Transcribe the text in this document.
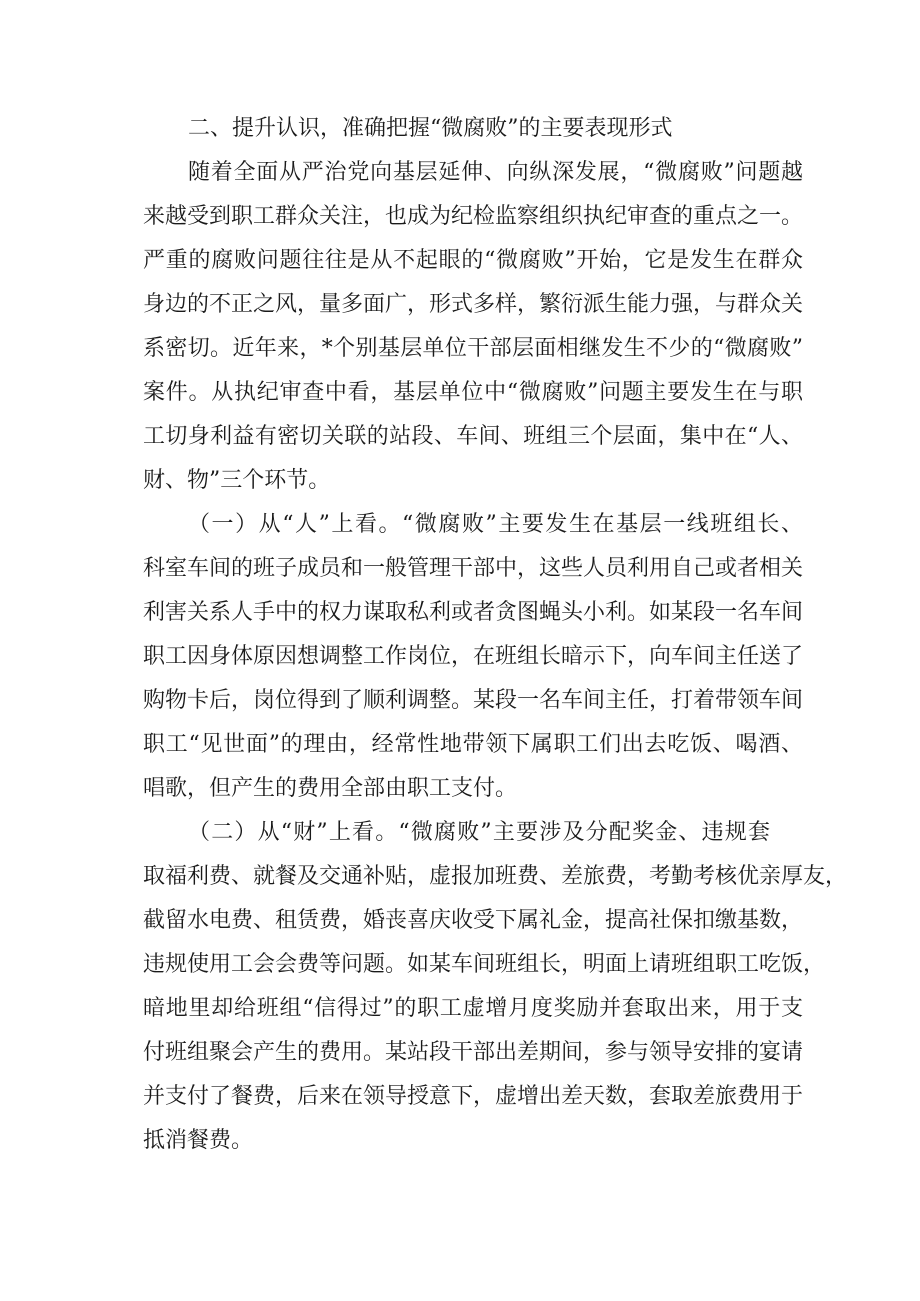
二、提升认识，准确把握“微腐败”的主要表现形式
随着全面从严治党向基层延伸、向纵深发展，“微腐败”问题越
来越受到职工群众关注，也成为纪检监察组织执纪审查的重点之一。
严重的腐败问题往往是从不起眼的“微腐败”开始，它是发生在群众
身边的不正之风，量多面广，形式多样，繁衍派生能力强，与群众关
系密切。近年来，*个别基层单位干部层面相继发生不少的“微腐败”
案件。从执纪审查中看，基层单位中“微腐败”问题主要发生在与职
工切身利益有密切关联的站段、车间、班组三个层面，集中在“人、
财、物”三个环节。
（一）从“人”上看。“微腐败”主要发生在基层一线班组长、
科室车间的班子成员和一般管理干部中，这些人员利用自己或者相关
利害关系人手中的权力谋取私利或者贪图蝇头小利。如某段一名车间
职工因身体原因想调整工作岗位，在班组长暗示下，向车间主任送了
购物卡后，岗位得到了顺利调整。某段一名车间主任，打着带领车间
职工“见世面”的理由，经常性地带领下属职工们出去吃饭、喝酒、
唱歌，但产生的费用全部由职工支付。
（二）从“财”上看。“微腐败”主要涉及分配奖金、违规套
取福利费、就餐及交通补贴，虚报加班费、差旅费，考勤考核优亲厚友，
截留水电费、租赁费，婚丧喜庆收受下属礼金，提高社保扣缴基数，
违规使用工会会费等问题。如某车间班组长，明面上请班组职工吃饭，
暗地里却给班组“信得过”的职工虚增月度奖励并套取出来，用于支
付班组聚会产生的费用。某站段干部出差期间，参与领导安排的宴请
并支付了餐费，后来在领导授意下，虚增出差天数，套取差旅费用于
抵消餐费。
